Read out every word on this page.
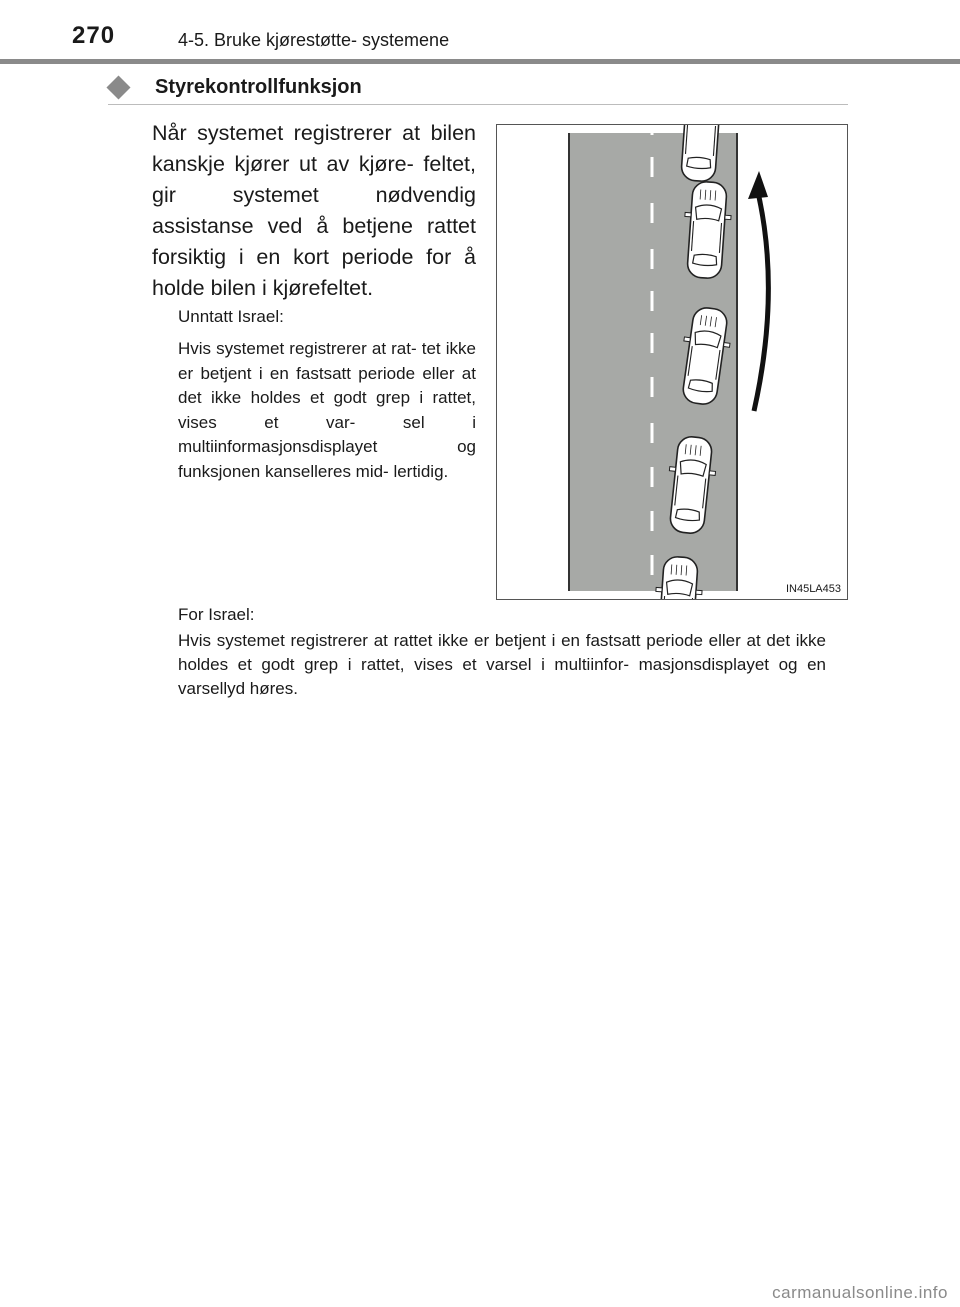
270	4-5. Bruke kjørestøtte- systemene
Styrekontrollfunksjon
Når systemet registrerer at bilen kanskje kjører ut av kjøre- feltet, gir systemet nødvendig assistanse ved å betjene rattet forsiktig i en kort periode for å holde bilen i kjørefeltet.
Unntatt Israel:
Hvis systemet registrerer at rat- tet ikke er betjent i en fastsatt periode eller at det ikke holdes et godt grep i rattet, vises et var- sel i multiinformasjonsdisplayet og funksjonen kanselleres mid- lertidig.
IN45LA453
For Israel:
Hvis systemet registrerer at rattet ikke er betjent i en fastsatt periode eller at det ikke holdes et godt grep i rattet, vises et varsel i multiinfor- masjonsdisplayet og en varsellyd høres.
carmanualsonline.info
